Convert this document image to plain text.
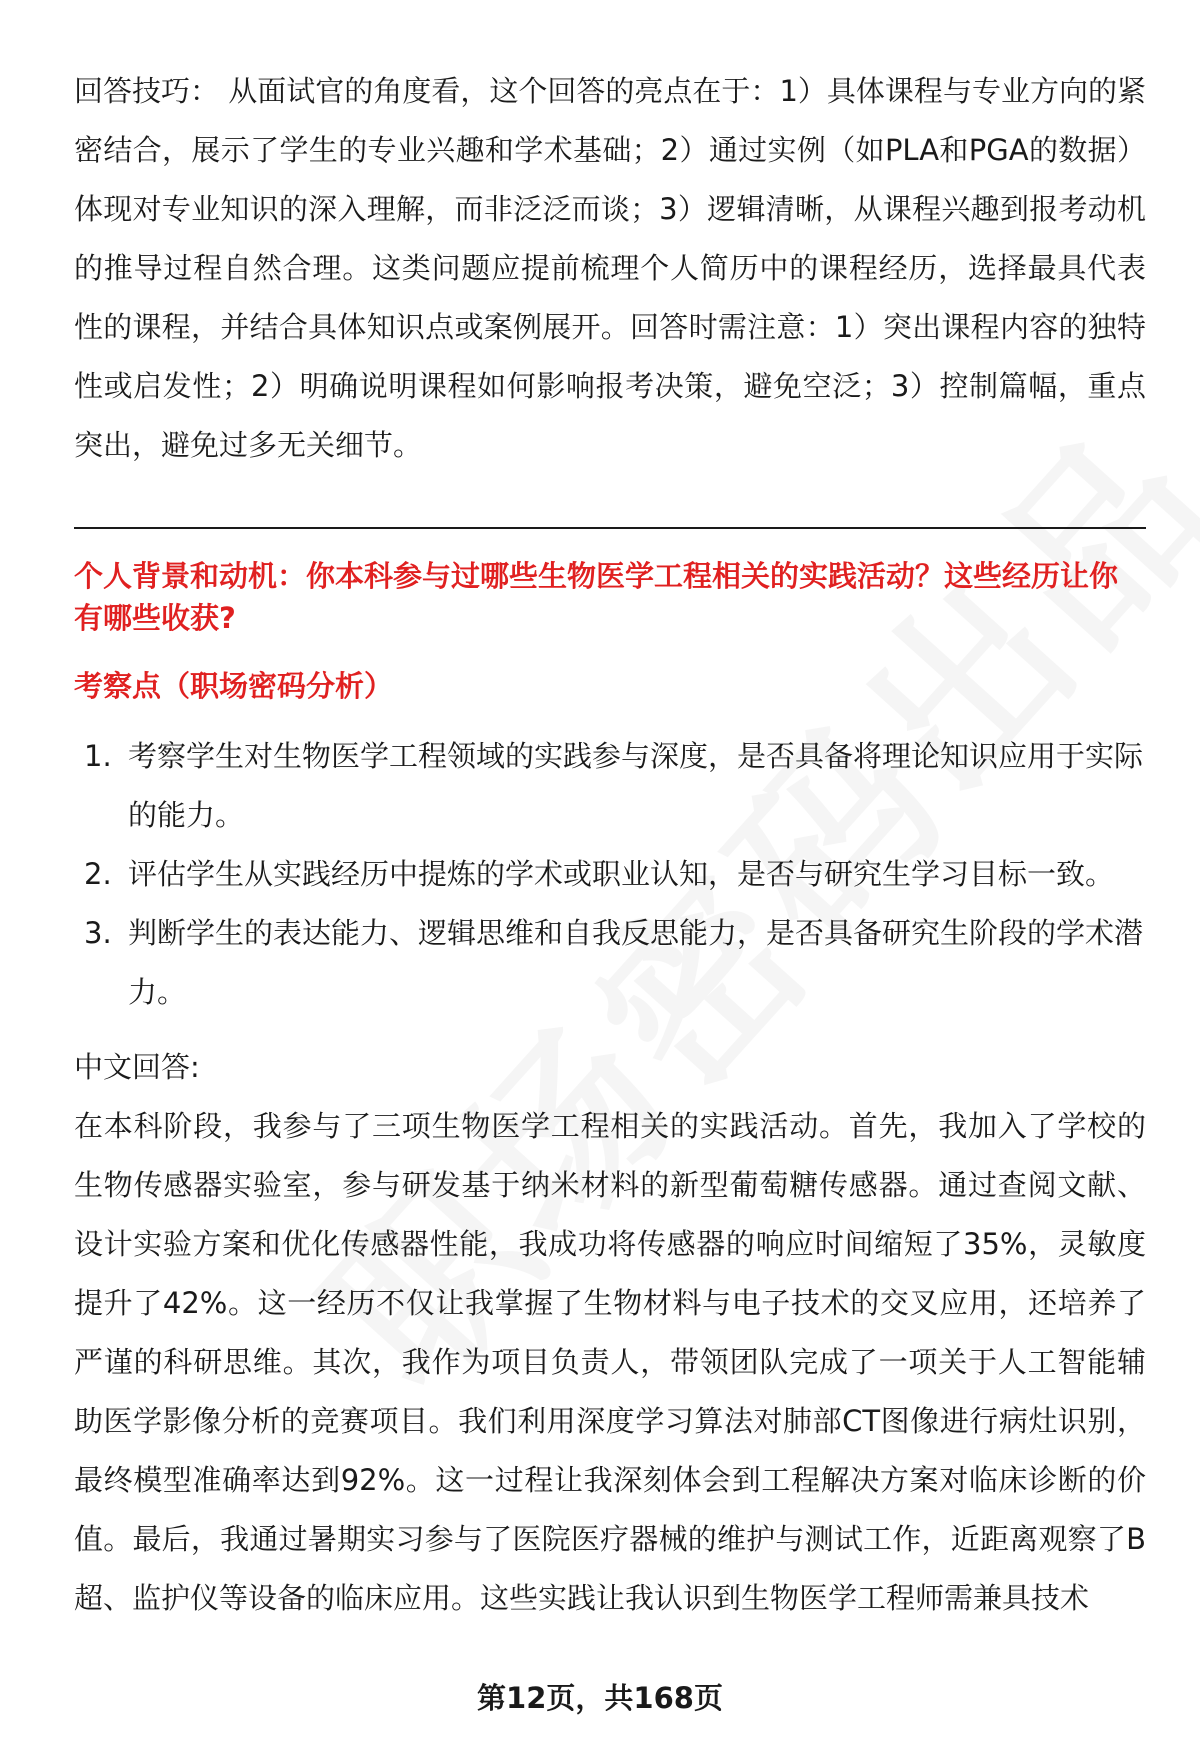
回答技巧： 从面试官的角度看，这个回答的亮点在于：1）具体课程与专业方向的紧密结合，展示了学生的专业兴趣和学术基础；2）通过实例（如PLA和PGA的数据）体现对专业知识的深入理解，而非泛泛而谈；3）逻辑清晰，从课程兴趣到报考动机的推导过程自然合理。这类问题应提前梳理个人简历中的课程经历，选择最具代表性的课程，并结合具体知识点或案例展开。回答时需注意：1）突出课程内容的独特性或启发性；2）明确说明课程如何影响报考决策，避免空泛；3）控制篇幅，重点突出，避免过多无关细节。

个人背景和动机：你本科参与过哪些生物医学工程相关的实践活动？这些经历让你有哪些收获?

考察点（职场密码分析）

1. 考察学生对生物医学工程领域的实践参与深度，是否具备将理论知识应用于实际的能力。
2. 评估学生从实践经历中提炼的学术或职业认知，是否与研究生学习目标一致。
3. 判断学生的表达能力、逻辑思维和自我反思能力，是否具备研究生阶段的学术潜力。

中文回答:

在本科阶段，我参与了三项生物医学工程相关的实践活动。首先，我加入了学校的生物传感器实验室，参与研发基于纳米材料的新型葡萄糖传感器。通过查阅文献、设计实验方案和优化传感器性能，我成功将传感器的响应时间缩短了35%，灵敏度提升了42%。这一经历不仅让我掌握了生物材料与电子技术的交叉应用，还培养了严谨的科研思维。其次，我作为项目负责人，带领团队完成了一项关于人工智能辅助医学影像分析的竞赛项目。我们利用深度学习算法对肺部CT图像进行病灶识别，最终模型准确率达到92%。这一过程让我深刻体会到工程解决方案对临床诊断的价值。最后，我通过暑期实习参与了医院医疗器械的维护与测试工作，近距离观察了B超、监护仪等设备的临床应用。这些实践让我认识到生物医学工程师需兼具技术

第12页，共168页
